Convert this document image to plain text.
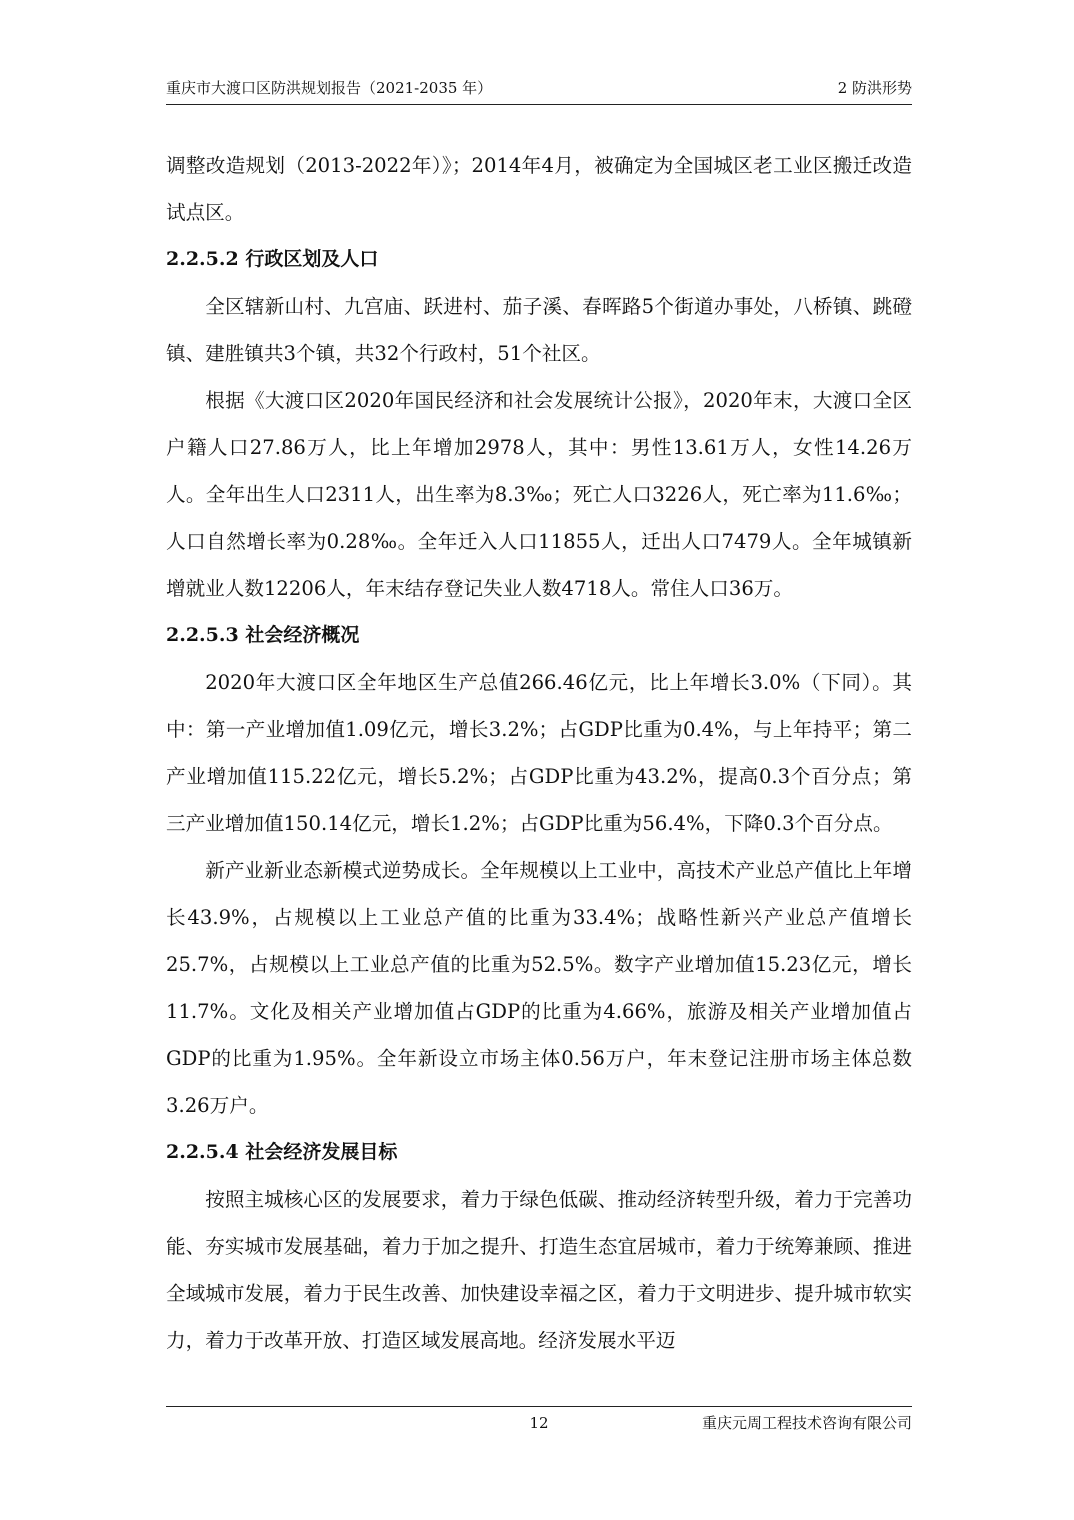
重庆市大渡口区防洪规划报告（2021-2035 年）	2 防洪形势

调整改造规划（2013-2022年）》；2014年4月，被确定为全国城区老工业区搬迁改造试点区。

2.2.5.2 行政区划及人口

全区辖新山村、九宫庙、跃进村、茄子溪、春晖路5个街道办事处，八桥镇、跳磴镇、建胜镇共3个镇，共32个行政村，51个社区。

根据《大渡口区2020年国民经济和社会发展统计公报》，2020年末，大渡口全区户籍人口27.86万人，比上年增加2978人，其中：男性13.61万人，女性14.26万人。全年出生人口2311人，出生率为8.3‰；死亡人口3226人，死亡率为11.6‰；人口自然增长率为0.28‰。全年迁入人口11855人，迁出人口7479人。全年城镇新增就业人数12206人，年末结存登记失业人数4718人。常住人口36万。

2.2.5.3 社会经济概况

2020年大渡口区全年地区生产总值266.46亿元，比上年增长3.0%（下同）。其中：第一产业增加值1.09亿元，增长3.2%；占GDP比重为0.4%，与上年持平；第二产业增加值115.22亿元，增长5.2%；占GDP比重为43.2%，提高0.3个百分点；第三产业增加值150.14亿元，增长1.2%；占GDP比重为56.4%，下降0.3个百分点。

新产业新业态新模式逆势成长。全年规模以上工业中，高技术产业总产值比上年增长43.9%，占规模以上工业总产值的比重为33.4%；战略性新兴产业总产值增长25.7%，占规模以上工业总产值的比重为52.5%。数字产业增加值15.23亿元，增长11.7%。文化及相关产业增加值占GDP的比重为4.66%，旅游及相关产业增加值占GDP的比重为1.95%。全年新设立市场主体0.56万户，年末登记注册市场主体总数3.26万户。

2.2.5.4 社会经济发展目标

按照主城核心区的发展要求，着力于绿色低碳、推动经济转型升级，着力于完善功能、夯实城市发展基础，着力于加之提升、打造生态宜居城市，着力于统筹兼顾、推进全域城市发展，着力于民生改善、加快建设幸福之区，着力于文明进步、提升城市软实力，着力于改革开放、打造区域发展高地。经济发展水平迈

12	重庆元周工程技术咨询有限公司
